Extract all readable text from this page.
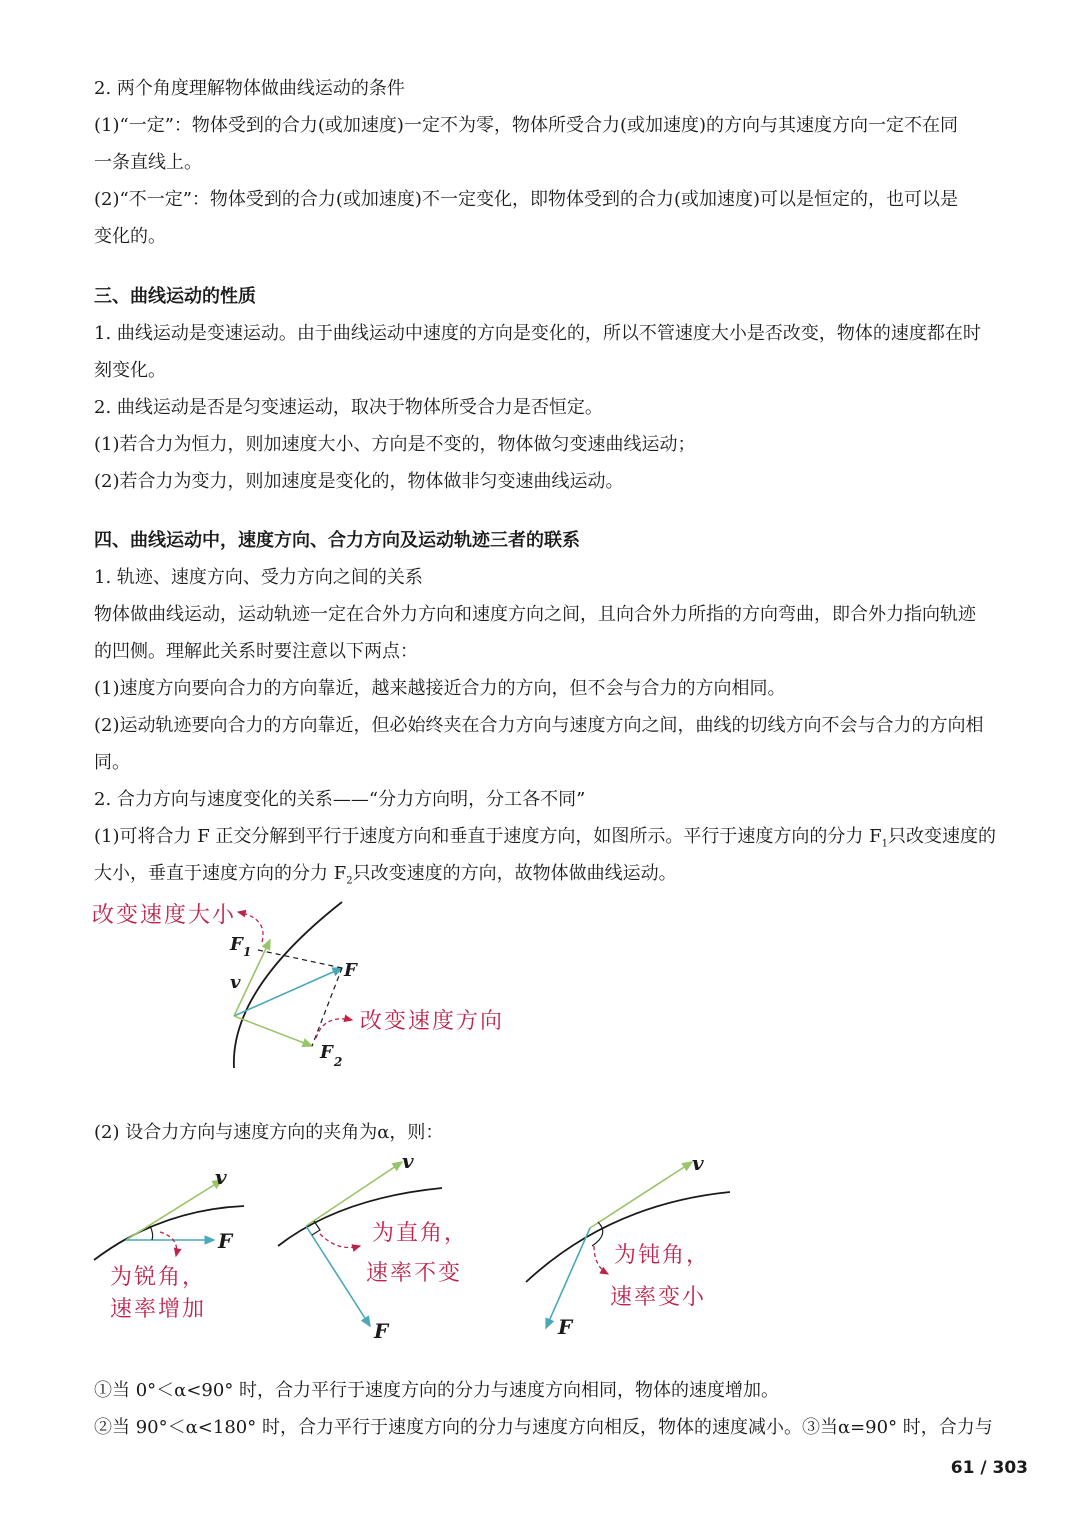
2. 两个角度理解物体做曲线运动的条件
(1)“一定”：物体受到的合力(或加速度)一定不为零，物体所受合力(或加速度)的方向与其速度方向一定不在同
一条直线上。
(2)“不一定”：物体受到的合力(或加速度)不一定变化，即物体受到的合力(或加速度)可以是恒定的，也可以是
变化的。
三、曲线运动的性质
1. 曲线运动是变速运动。由于曲线运动中速度的方向是变化的，所以不管速度大小是否改变，物体的速度都在时
刻变化。
2. 曲线运动是否是匀变速运动，取决于物体所受合力是否恒定。
(1)若合力为恒力，则加速度大小、方向是不变的，物体做匀变速曲线运动；
(2)若合力为变力，则加速度是变化的，物体做非匀变速曲线运动。
四、曲线运动中，速度方向、合力方向及运动轨迹三者的联系
1. 轨迹、速度方向、受力方向之间的关系
物体做曲线运动，运动轨迹一定在合外力方向和速度方向之间，且向合外力所指的方向弯曲，即合外力指向轨迹
的凹侧。理解此关系时要注意以下两点：
(1)速度方向要向合力的方向靠近，越来越接近合力的方向，但不会与合力的方向相同。
(2)运动轨迹要向合力的方向靠近，但必始终夹在合力方向与速度方向之间，曲线的切线方向不会与合力的方向相
同。
2. 合力方向与速度变化的关系——“分力方向明，分工各不同”
(1)可将合力 F 正交分解到平行于速度方向和垂直于速度方向，如图所示。平行于速度方向的分力 $F_1$只改变速度的
大小，垂直于速度方向的分力 $F_2$只改变速度的方向，故物体做曲线运动。
改变速度大小
改变速度方向
F 1
F
v
F 2
(2) 设合力方向与速度方向的夹角为α，则：
v
F
为锐角，
速率增加
v
F
为直角，
速率不变
v
F
为钝角，
速率变小
①当 0°＜α<90° 时，合力平行于速度方向的分力与速度方向相同，物体的速度增加。
②当 90°＜α<180° 时，合力平行于速度方向的分力与速度方向相反，物体的速度减小。③当α=90° 时，合力与
61 / 303
